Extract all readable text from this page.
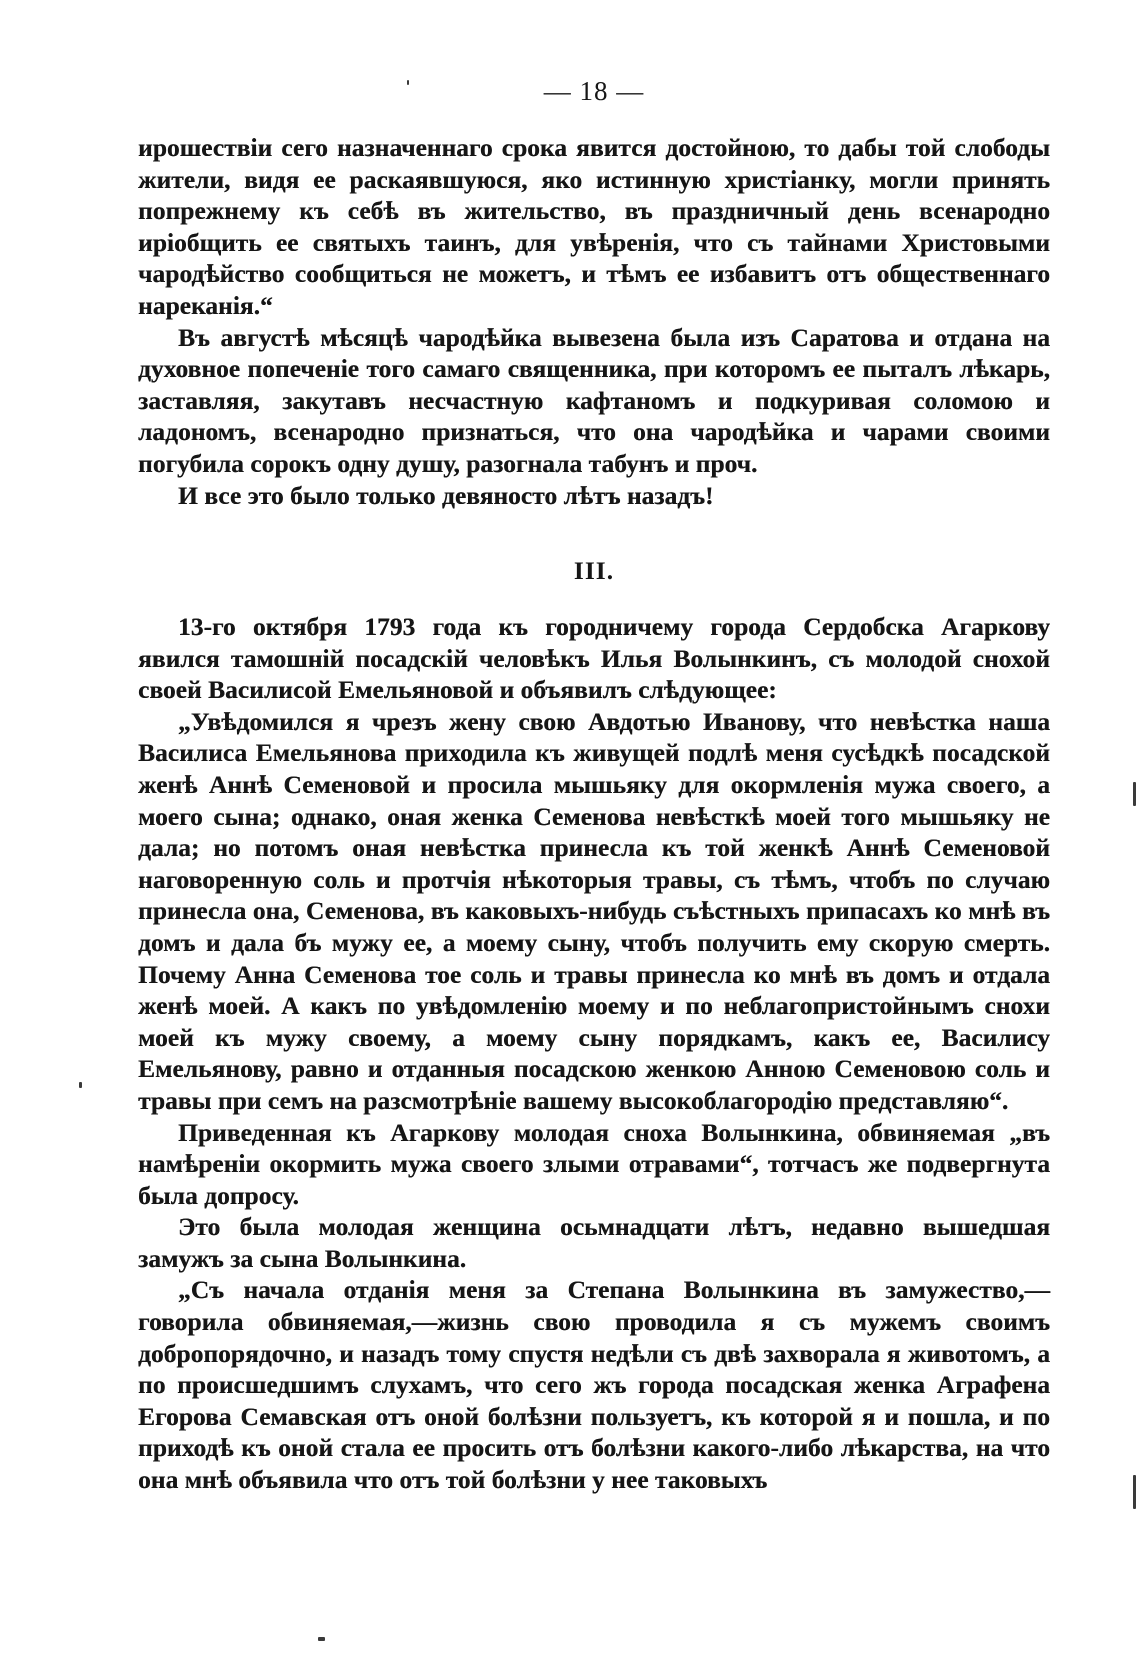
— 18 —

ирошествіи сего назначеннаго срока явится достойною, то дабы той слободы жители, видя ее раскаявшуюся, яко истинную христіанку, могли принять попрежнему къ себѣ въ жительство, въ праздничный день всенародно иріобщить ее святыхъ таинъ, для увѣренія, что съ тайнами Христовыми чародѣйство сообщиться не можетъ, и тѣмъ ее избавитъ отъ общественнаго нареканія.“

Въ августѣ мѣсяцѣ чародѣйка вывезена была изъ Саратова и отдана на духовное попеченіе того самаго священника, при которомъ ее пыталъ лѣкарь, заставляя, закутавъ несчастную кафтаномъ и подкуривая соломою и ладономъ, всенародно признаться, что она чародѣйка и чарами своими погубила сорокъ одну душу, разогнала табунъ и проч.

И все это было только девяносто лѣтъ назадъ!

III.

13-го октября 1793 года къ городничему города Сердобска Агаркову явился тамошній посадскій человѣкъ Илья Волынкинъ, съ молодой снохой своей Василисой Емельяновой и объявилъ слѣдующее:

„Увѣдомился я чрезъ жену свою Авдотью Иванову, что невѣстка наша Василиса Емельянова приходила къ живущей подлѣ меня сусѣдкѣ посадской женѣ Аннѣ Семеновой и просила мышьяку для окормленія мужа своего, а моего сына; однако, оная женка Семенова невѣсткѣ моей того мышьяку не дала; но потомъ оная невѣстка принесла къ той женкѣ Аннѣ Семеновой наговоренную соль и протчія нѣкоторыя травы, съ тѣмъ, чтобъ по случаю принесла она, Семенова, въ каковыхъ-нибудь съѣстныхъ припасахъ ко мнѣ въ домъ и дала бъ мужу ее, а моему сыну, чтобъ получить ему скорую смерть. Почему Анна Семенова тое соль и травы принесла ко мнѣ въ домъ и отдала женѣ моей. А какъ по увѣдомленію моему и по неблагопристойнымъ снохи моей къ мужу своему, а моему сыну порядкамъ, какъ ее, Василису Емельянову, равно и отданныя посадскою женкою Анною Семеновою соль и травы при семъ на разсмотрѣніе вашему высокоблагородію представляю“.

Приведенная къ Агаркову молодая сноха Волынкина, обвиняемая „въ намѣреніи окормить мужа своего злыми отравами“, тотчасъ же подвергнута была допросу.

Это была молодая женщина осьмнадцати лѣтъ, недавно вышедшая замужъ за сына Волынкина.

„Съ начала отданія меня за Степана Волынкина въ замужество,— говорила обвиняемая,—жизнь свою проводила я съ мужемъ своимъ добропорядочно, и назадъ тому спустя недѣли съ двѣ захворала я животомъ, а по происшедшимъ слухамъ, что сего жъ города посадская женка Аграфена Егорова Семавская отъ оной болѣзни пользуетъ, къ которой я и пошла, и по приходѣ къ оной стала ее просить отъ болѣзни какого-либо лѣкарства, на что она мнѣ объявила что отъ той болѣзни у нее таковыхъ
